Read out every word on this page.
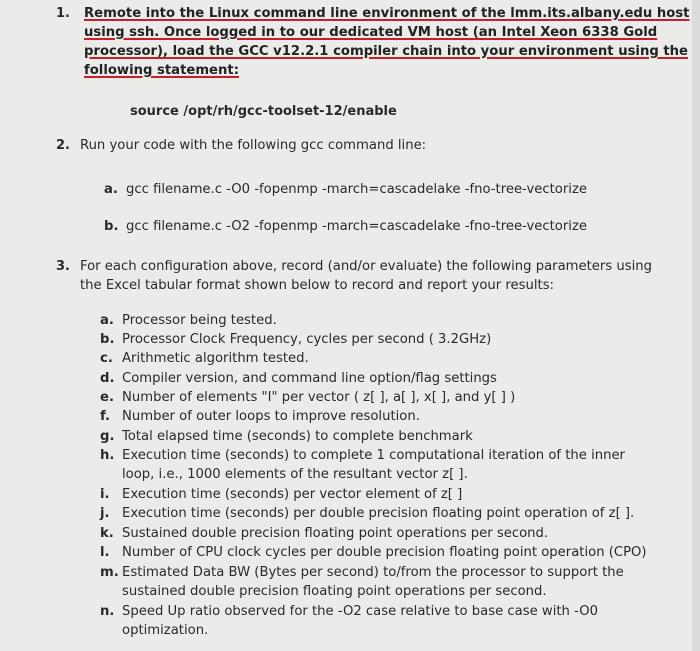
1. Remote into the Linux command line environment of the lmm.its.albany.edu host
using ssh. Once logged in to our dedicated VM host (an Intel Xeon 6338 Gold
processor), load the GCC v12.2.1 compiler chain into your environment using the
following statement:
source /opt/rh/gcc-toolset-12/enable
2. Run your code with the following gcc command line:
a. gcc filename.c -O0 -fopenmp -march=cascadelake -fno-tree-vectorize
b. gcc filename.c -O2 -fopenmp -march=cascadelake -fno-tree-vectorize
3. For each configuration above, record (and/or evaluate) the following parameters using
the Excel tabular format shown below to record and report your results:
a. Processor being tested.
b. Processor Clock Frequency, cycles per second ( 3.2GHz)
c. Arithmetic algorithm tested.
d. Compiler version, and command line option/flag settings
e. Number of elements "I" per vector ( z[ ], a[ ], x[ ], and y[ ] )
f. Number of outer loops to improve resolution.
g. Total elapsed time (seconds) to complete benchmark
h. Execution time (seconds) to complete 1 computational iteration of the inner
loop, i.e., 1000 elements of the resultant vector z[ ].
i. Execution time (seconds) per vector element of z[ ]
j. Execution time (seconds) per double precision floating point operation of z[ ].
k. Sustained double precision floating point operations per second.
l. Number of CPU clock cycles per double precision floating point operation (CPO)
m. Estimated Data BW (Bytes per second) to/from the processor to support the
sustained double precision floating point operations per second.
n. Speed Up ratio observed for the -O2 case relative to base case with -O0
optimization.
